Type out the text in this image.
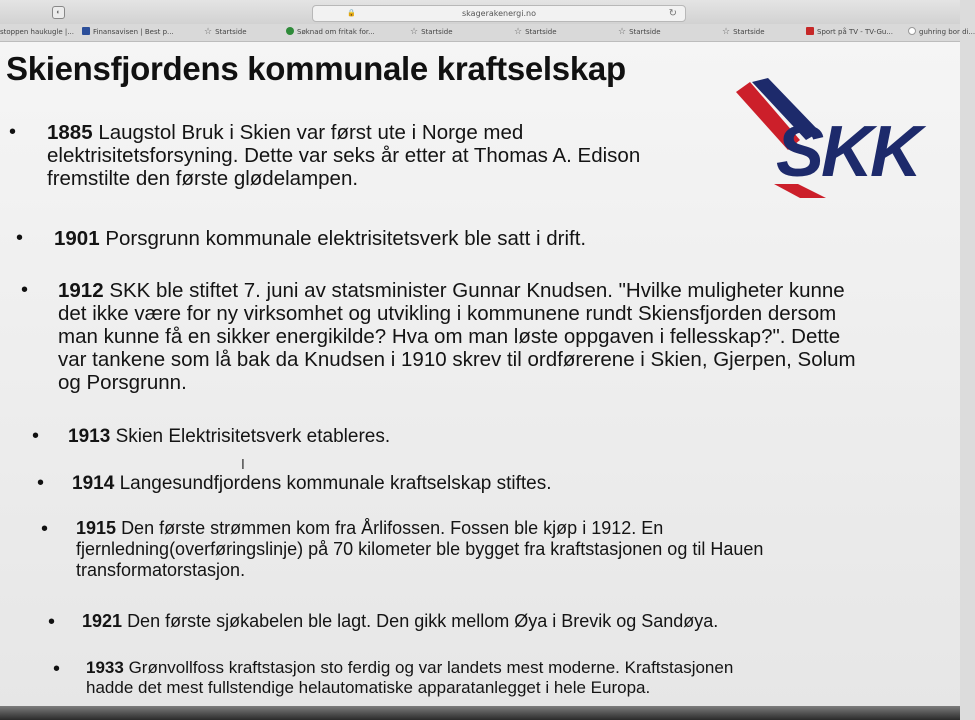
◐	🔒	skagerakenergi.no	↻
stoppen haukugle |...	Finansavisen | Best p...	☆ Startside	Søknad om fritak for...	☆ Startside	☆ Startside	☆ Startside	☆ Startside	Sport på TV - TV-Gu...	guhring bor di...
Skiensfjordens kommunale kraftselskap
SKK
• 1885 Laugstol Bruk i Skien var først ute i Norge med
elektrisitetsforsyning. Dette var seks år etter at Thomas A. Edison
fremstilte den første glødelampen.
• 1901 Porsgrunn kommunale elektrisitetsverk ble satt i drift.
• 1912 SKK ble stiftet 7. juni av statsminister Gunnar Knudsen. "Hvilke muligheter kunne
det ikke være for ny virksomhet og utvikling i kommunene rundt Skiensfjorden dersom
man kunne få en sikker energikilde? Hva om man løste oppgaven i fellesskap?". Dette
var tankene som lå bak da Knudsen i 1910 skrev til ordførerene i Skien, Gjerpen, Solum
og Porsgrunn.
• 1913 Skien Elektrisitetsverk etableres.
• 1914 Langesundfjordens kommunale kraftselskap stiftes.
I
• 1915 Den første strømmen kom fra Årlifossen. Fossen ble kjøp i 1912. En
fjernledning(overføringslinje) på 70 kilometer ble bygget fra kraftstasjonen og til Hauen
transformatorstasjon.
• 1921 Den første sjøkabelen ble lagt. Den gikk mellom Øya i Brevik og Sandøya.
• 1933 Grønvollfoss kraftstasjon sto ferdig og var landets mest moderne. Kraftstasjonen
hadde det mest fullstendige helautomatiske apparatanlegget i hele Europa.
